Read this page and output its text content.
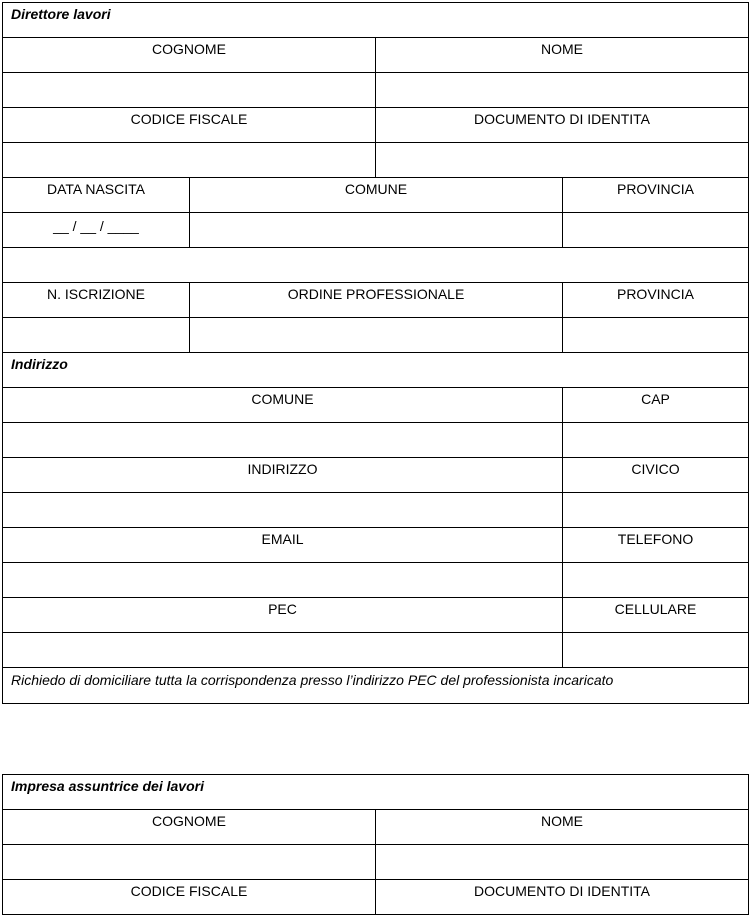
Direttore lavori
COGNOME	NOME
CODICE FISCALE	DOCUMENTO DI IDENTITA
DATA NASCITA	COMUNE	PROVINCIA
__ / __ / ____
N. ISCRIZIONE	ORDINE PROFESSIONALE	PROVINCIA
Indirizzo
COMUNE	CAP
INDIRIZZO	CIVICO
EMAIL	TELEFONO
PEC	CELLULARE
Richiedo di domiciliare tutta la corrispondenza presso l’indirizzo PEC del professionista incaricato
Impresa assuntrice dei lavori
COGNOME	NOME
CODICE FISCALE	DOCUMENTO DI IDENTITA
